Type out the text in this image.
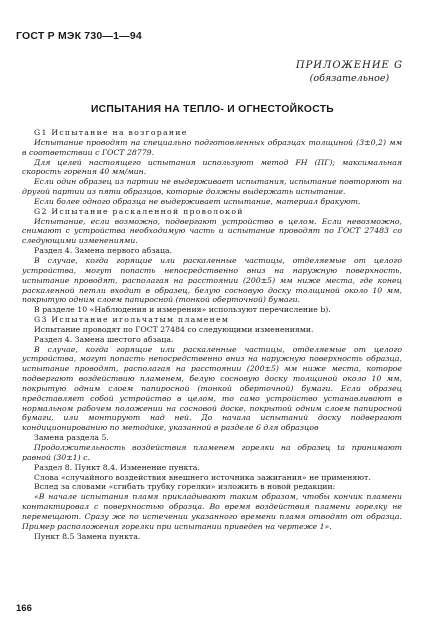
ГОСТ Р МЭК 730—1—94
ПРИЛОЖЕНИЕ G
(обязательное)
ИСПЫТАНИЯ НА ТЕПЛО- И ОГНЕСТОЙКОСТЬ

G1 Испытание на возгорание

Испытание проводят на специально подготовленных образцах толщиной (3±0,2) мм в соответствии с ГОСТ 28779.

Для целей настоящего испытания используют метод FH (ПГ); максимальная скорость горения 40 мм/мин.

Если один образец из партии не выдерживает испытания, испытание повторяют на другой партии из пяти образцов, которые должны выдержать испытание.

Если более одного образца не выдерживает испытание, материал бракуют.

G2 Испытание раскаленной проволокой

Испытание, если возможно, подвергают устройство в целом. Если невозможно, снимают с устройства необходимую часть и испытание проводят по ГОСТ 27483 со следующими изменениями.

Раздел 4. Замена первого абзаца.

В случае, когда горящие или раскаленные частицы, отделяемые от целого устройства, могут попасть непосредственно вниз на наружную поверхность, испытание проводят, располагая на расстоянии (200±5) мм ниже места, где конец раскаленной петли входит в образец, белую сосновую доску толщиной около 10 мм, покрытую одним слоем папиросной (тонкой оберточной) бумаги.

В разделе 10 «Наблюдения и измерения» используют перечисление b).

G3 Испытание игольчатым пламенем

Испытание проводят по ГОСТ 27484 со следующими изменениями.

Раздел 4. Замена шестого абзаца.

В случае, когда горящие или раскаленные частицы, отделяемые от целого устройства, могут попасть непосредственно вниз на наружную поверхность образца, испытание проводят, располагая на расстоянии (200±5) мм ниже места, которое подвергают воздействию пламенем, белую сосновую доску толщиной около 10 мм, покрытую одним слоем папиросной (тонкой оберточной) бумаги. Если образец представляет собой устройство в целом, то само устройство устанавливают в нормальном рабочем положении на сосновой доске, покрытой одним слоем папиросной бумаги, или монтируют над ней. До начала испытаний доску подвергают кондиционированию по методике, указанной в разделе 6 для образцов

Замена раздела 5.

Продолжительность воздействия пламенем горелки на образец tа принимают равной (30±1) с.

Раздел 8. Пункт 8.4. Изменение пункта.

Слова «случайного воздействия внешнего источника зажигания» не применяют.

Вслед за словами «сгибать трубку горелки» изложить в новой редакции:

«В начале испытания пламя прикладывают таким образом, чтобы кончик пламени контактировал с поверхностью образца. Во время воздействия пламени горелку не перемещают. Сразу же по истечении указанного времени пламя отводят от образца. Пример расположения горелки при испытании приведен на чертеже 1».

Пункт 8.5 Замена пункта.

166
